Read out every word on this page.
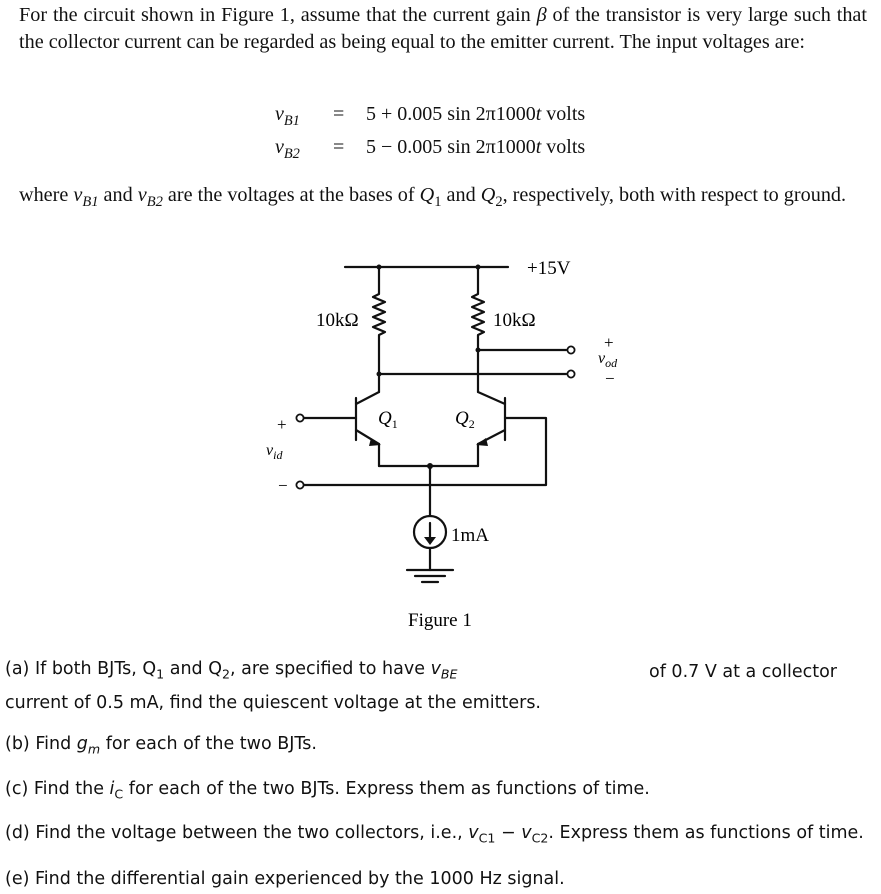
For the circuit shown in Figure 1, assume that the current gain β of the transistor is very large such that the collector current can be regarded as being equal to the emitter current. The input voltages are:
$v_{B1} = 5 + 0.005$ sin 2π1000t volts
$v_{B2} = 5 - 0.005$ sin 2π1000t volts
where $v_{B1}$ and $v_{B2}$ are the voltages at the bases of $Q_1$ and $Q_2$, respectively, both with respect to ground.
+15V
10kΩ	10kΩ
$Q_1$	$Q_2$
+
$v_{od}$
−
+
$v_{id}$
−
1mA
Figure 1
(a) If both BJTs, $Q_1$ and $Q_2$, are specified to have $v_{BE}$	of 0.7 V at a collector current of 0.5 mA, find the quiescent voltage at the emitters.
(b) Find $g_m$ for each of the two BJTs.
(c) Find the $i_C$ for each of the two BJTs. Express them as functions of time.
(d) Find the voltage between the two collectors, i.e., $v_{C1} - v_{C2}$. Express them as functions of time.
(e) Find the differential gain experienced by the 1000 Hz signal.
